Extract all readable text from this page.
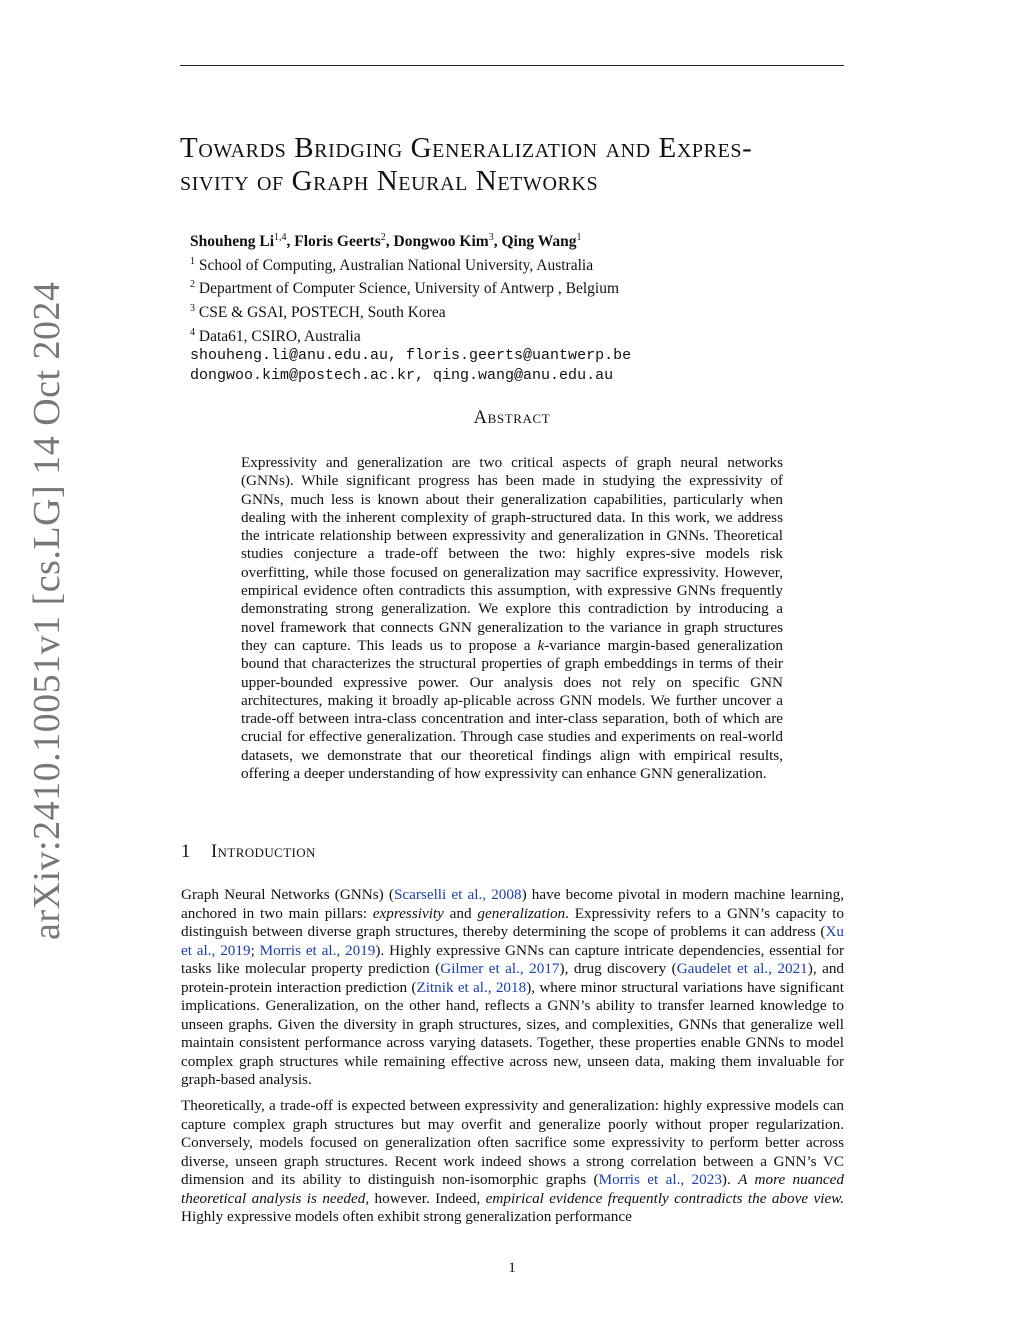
arXiv:2410.10051v1 [cs.LG] 14 Oct 2024
Towards Bridging Generalization and Expres-
sivity of Graph Neural Networks
Shouheng Li$^{1,4}$, Floris Geerts$^2$, Dongwoo Kim$^3$, Qing Wang$^1$
$^1$ School of Computing, Australian National University, Australia
$^2$ Department of Computer Science, University of Antwerp , Belgium
$^3$ CSE & GSAI, POSTECH, South Korea
$^4$ Data61, CSIRO, Australia
shouheng.li@anu.edu.au, floris.geerts@uantwerp.be
dongwoo.kim@postech.ac.kr, qing.wang@anu.edu.au
Abstract
Expressivity and generalization are two critical aspects of graph neural networks (GNNs). While significant progress has been made in studying the expressivity of GNNs, much less is known about their generalization capabilities, particularly when dealing with the inherent complexity of graph-structured data. In this work, we address the intricate relationship between expressivity and generalization in GNNs. Theoretical studies conjecture a trade-off between the two: highly expres-sive models risk overfitting, while those focused on generalization may sacrifice expressivity. However, empirical evidence often contradicts this assumption, with expressive GNNs frequently demonstrating strong generalization. We explore this contradiction by introducing a novel framework that connects GNN generalization to the variance in graph structures they can capture. This leads us to propose a k-variance margin-based generalization bound that characterizes the structural properties of graph embeddings in terms of their upper-bounded expressive power. Our analysis does not rely on specific GNN architectures, making it broadly ap-plicable across GNN models. We further uncover a trade-off between intra-class concentration and inter-class separation, both of which are crucial for effective generalization. Through case studies and experiments on real-world datasets, we demonstrate that our theoretical findings align with empirical results, offering a deeper understanding of how expressivity can enhance GNN generalization.
1 Introduction
Graph Neural Networks (GNNs) (Scarselli et al., 2008) have become pivotal in modern machine learning, anchored in two main pillars: expressivity and generalization. Expressivity refers to a GNN’s capacity to distinguish between diverse graph structures, thereby determining the scope of problems it can address (Xu et al., 2019; Morris et al., 2019). Highly expressive GNNs can capture intricate dependencies, essential for tasks like molecular property prediction (Gilmer et al., 2017), drug discovery (Gaudelet et al., 2021), and protein-protein interaction prediction (Zitnik et al., 2018), where minor structural variations have significant implications. Generalization, on the other hand, reflects a GNN’s ability to transfer learned knowledge to unseen graphs. Given the diversity in graph structures, sizes, and complexities, GNNs that generalize well maintain consistent performance across varying datasets. Together, these properties enable GNNs to model complex graph structures while remaining effective across new, unseen data, making them invaluable for graph-based analysis.
Theoretically, a trade-off is expected between expressivity and generalization: highly expressive models can capture complex graph structures but may overfit and generalize poorly without proper regularization. Conversely, models focused on generalization often sacrifice some expressivity to perform better across diverse, unseen graph structures. Recent work indeed shows a strong correlation between a GNN’s VC dimension and its ability to distinguish non-isomorphic graphs (Morris et al., 2023). A more nuanced theoretical analysis is needed, however. Indeed, empirical evidence frequently contradicts the above view. Highly expressive models often exhibit strong generalization performance
1
